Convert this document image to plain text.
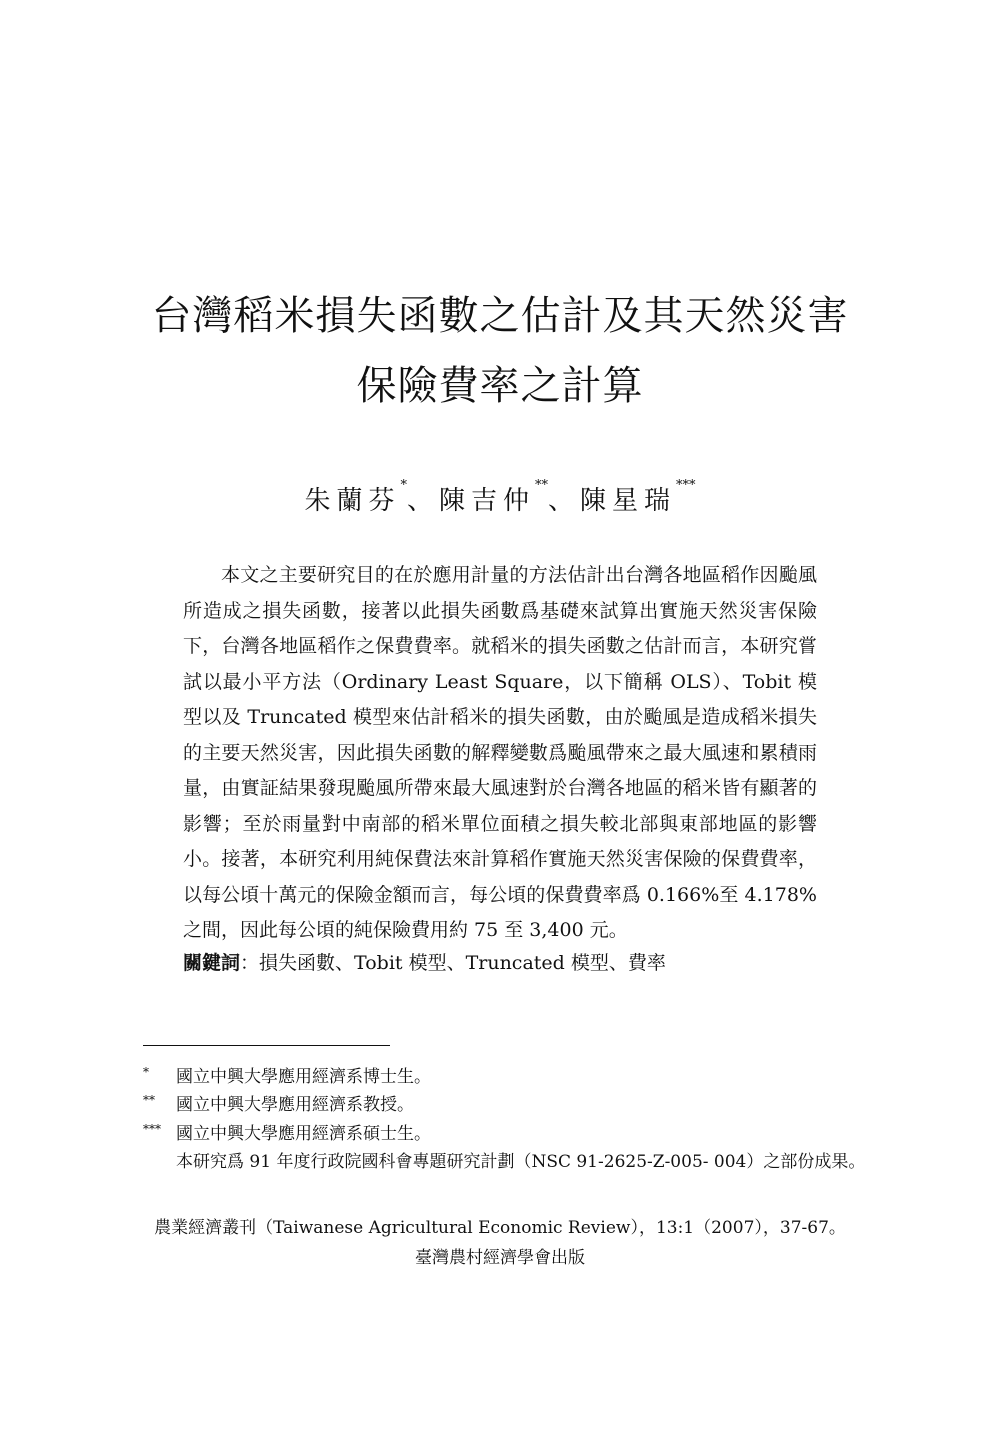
台灣稻米損失函數之估計及其天然災害
保險費率之計算
朱蘭芬*、陳吉仲**、陳星瑞***

本文之主要研究目的在於應用計量的方法估計出台灣各地區稻作因颱風所造成之損失函數，接著以此損失函數爲基礎來試算出實施天然災害保險下，台灣各地區稻作之保費費率。就稻米的損失函數之估計而言，本研究嘗試以最小平方法（Ordinary Least Square，以下簡稱 OLS）、Tobit 模型以及 Truncated 模型來估計稻米的損失函數，由於颱風是造成稻米損失的主要天然災害，因此損失函數的解釋變數爲颱風帶來之最大風速和累積雨量，由實証結果發現颱風所帶來最大風速對於台灣各地區的稻米皆有顯著的影響；至於雨量對中南部的稻米單位面積之損失較北部與東部地區的影響小。接著，本研究利用純保費法來計算稻作實施天然災害保險的保費費率，以每公頃十萬元的保險金額而言，每公頃的保費費率爲 0.166%至 4.178%之間，因此每公頃的純保險費用約 75 至 3,400 元。

關鍵詞：損失函數、Tobit 模型、Truncated 模型、費率
* 國立中興大學應用經濟系博士生。
** 國立中興大學應用經濟系教授。
*** 國立中興大學應用經濟系碩士生。
本研究爲 91 年度行政院國科會專題研究計劃（NSC 91-2625-Z-005- 004）之部份成果。
農業經濟叢刊（Taiwanese Agricultural Economic Review），13:1（2007），37-67。
臺灣農村經濟學會出版
